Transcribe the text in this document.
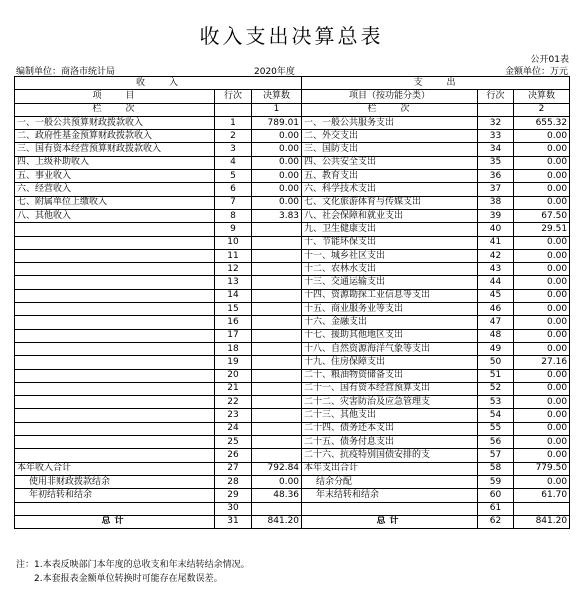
收入支出决算总表
公开01表
编制单位：商洛市统计局	2020年度	金额单位：万元
收　　入			支　　出		
项　　目	行次	决算数	项目（按功能分类）	行次	决算数
栏　　次		1	栏　　次		2
一、一般公共预算财政拨款收入	1	789.01	一、一般公共服务支出	32	655.32
二、政府性基金预算财政拨款收入	2	0.00	二、外交支出	33	0.00
三、国有资本经营预算财政拨款收入	3	0.00	三、国防支出	34	0.00
四、上级补助收入	4	0.00	四、公共安全支出	35	0.00
五、事业收入	5	0.00	五、教育支出	36	0.00
六、经营收入	6	0.00	六、科学技术支出	37	0.00
七、附属单位上缴收入	7	0.00	七、文化旅游体育与传媒支出	38	0.00
八、其他收入	8	3.83	八、社会保障和就业支出	39	67.50
	9		九、卫生健康支出	40	29.51
	10		十、节能环保支出	41	0.00
	11		十一、城乡社区支出	42	0.00
	12		十二、农林水支出	43	0.00
	13		十三、交通运输支出	44	0.00
	14		十四、资源勘探工业信息等支出	45	0.00
	15		十五、商业服务业等支出	46	0.00
	16		十六、金融支出	47	0.00
	17		十七、援助其他地区支出	48	0.00
	18		十八、自然资源海洋气象等支出	49	0.00
	19		十九、住房保障支出	50	27.16
	20		二十、粮油物资储备支出	51	0.00
	21		二十一、国有资本经营预算支出	52	0.00
	22		二十二、灾害防治及应急管理支	53	0.00
	23		二十三、其他支出	54	0.00
	24		二十四、债务还本支出	55	0.00
	25		二十五、债务付息支出	56	0.00
	26		二十六、抗疫特别国债安排的支	57	0.00
本年收入合计	27	792.84	本年支出合计	58	779.50
使用非财政拨款结余	28	0.00	结余分配	59	0.00
年初结转和结余	29	48.36	年末结转和结余	60	61.70
	30			61	
总计	31	841.20	总计	62	841.20
注：1.本表反映部门本年度的总收支和年末结转结余情况。
2.本套报表金额单位转换时可能存在尾数误差。
